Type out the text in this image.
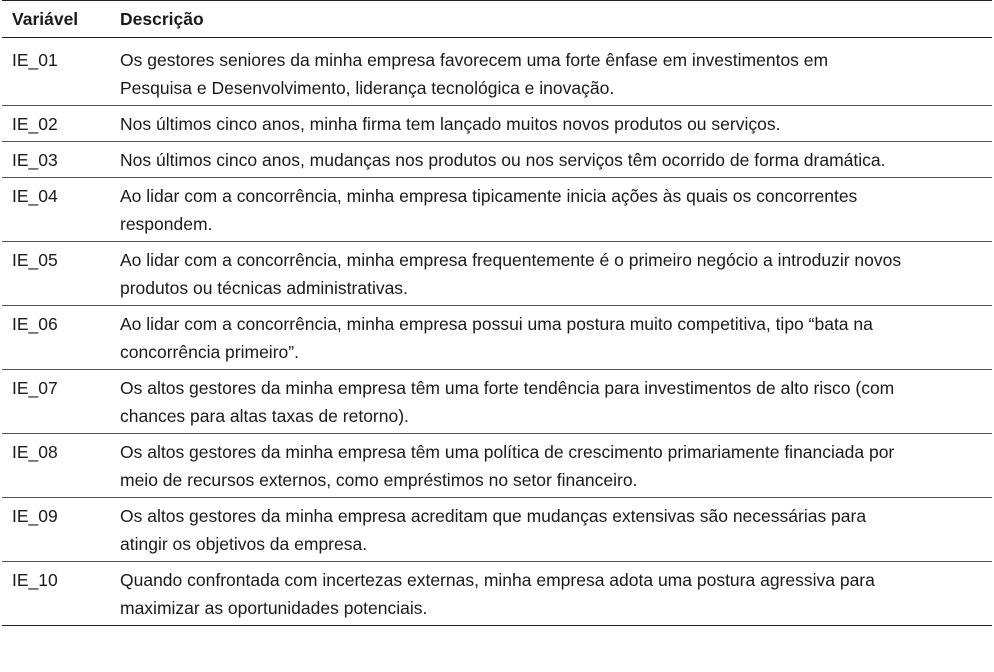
Variável	Descrição
IE_01	Os gestores seniores da minha empresa favorecem uma forte ênfase em investimentos em
Pesquisa e Desenvolvimento, liderança tecnológica e inovação.
IE_02	Nos últimos cinco anos, minha firma tem lançado muitos novos produtos ou serviços.
IE_03	Nos últimos cinco anos, mudanças nos produtos ou nos serviços têm ocorrido de forma dramática.
IE_04	Ao lidar com a concorrência, minha empresa tipicamente inicia ações às quais os concorrentes
respondem.
IE_05	Ao lidar com a concorrência, minha empresa frequentemente é o primeiro negócio a introduzir novos
produtos ou técnicas administrativas.
IE_06	Ao lidar com a concorrência, minha empresa possui uma postura muito competitiva, tipo “bata na
concorrência primeiro”.
IE_07	Os altos gestores da minha empresa têm uma forte tendência para investimentos de alto risco (com
chances para altas taxas de retorno).
IE_08	Os altos gestores da minha empresa têm uma política de crescimento primariamente financiada por
meio de recursos externos, como empréstimos no setor financeiro.
IE_09	Os altos gestores da minha empresa acreditam que mudanças extensivas são necessárias para
atingir os objetivos da empresa.
IE_10	Quando confrontada com incertezas externas, minha empresa adota uma postura agressiva para
maximizar as oportunidades potenciais.
